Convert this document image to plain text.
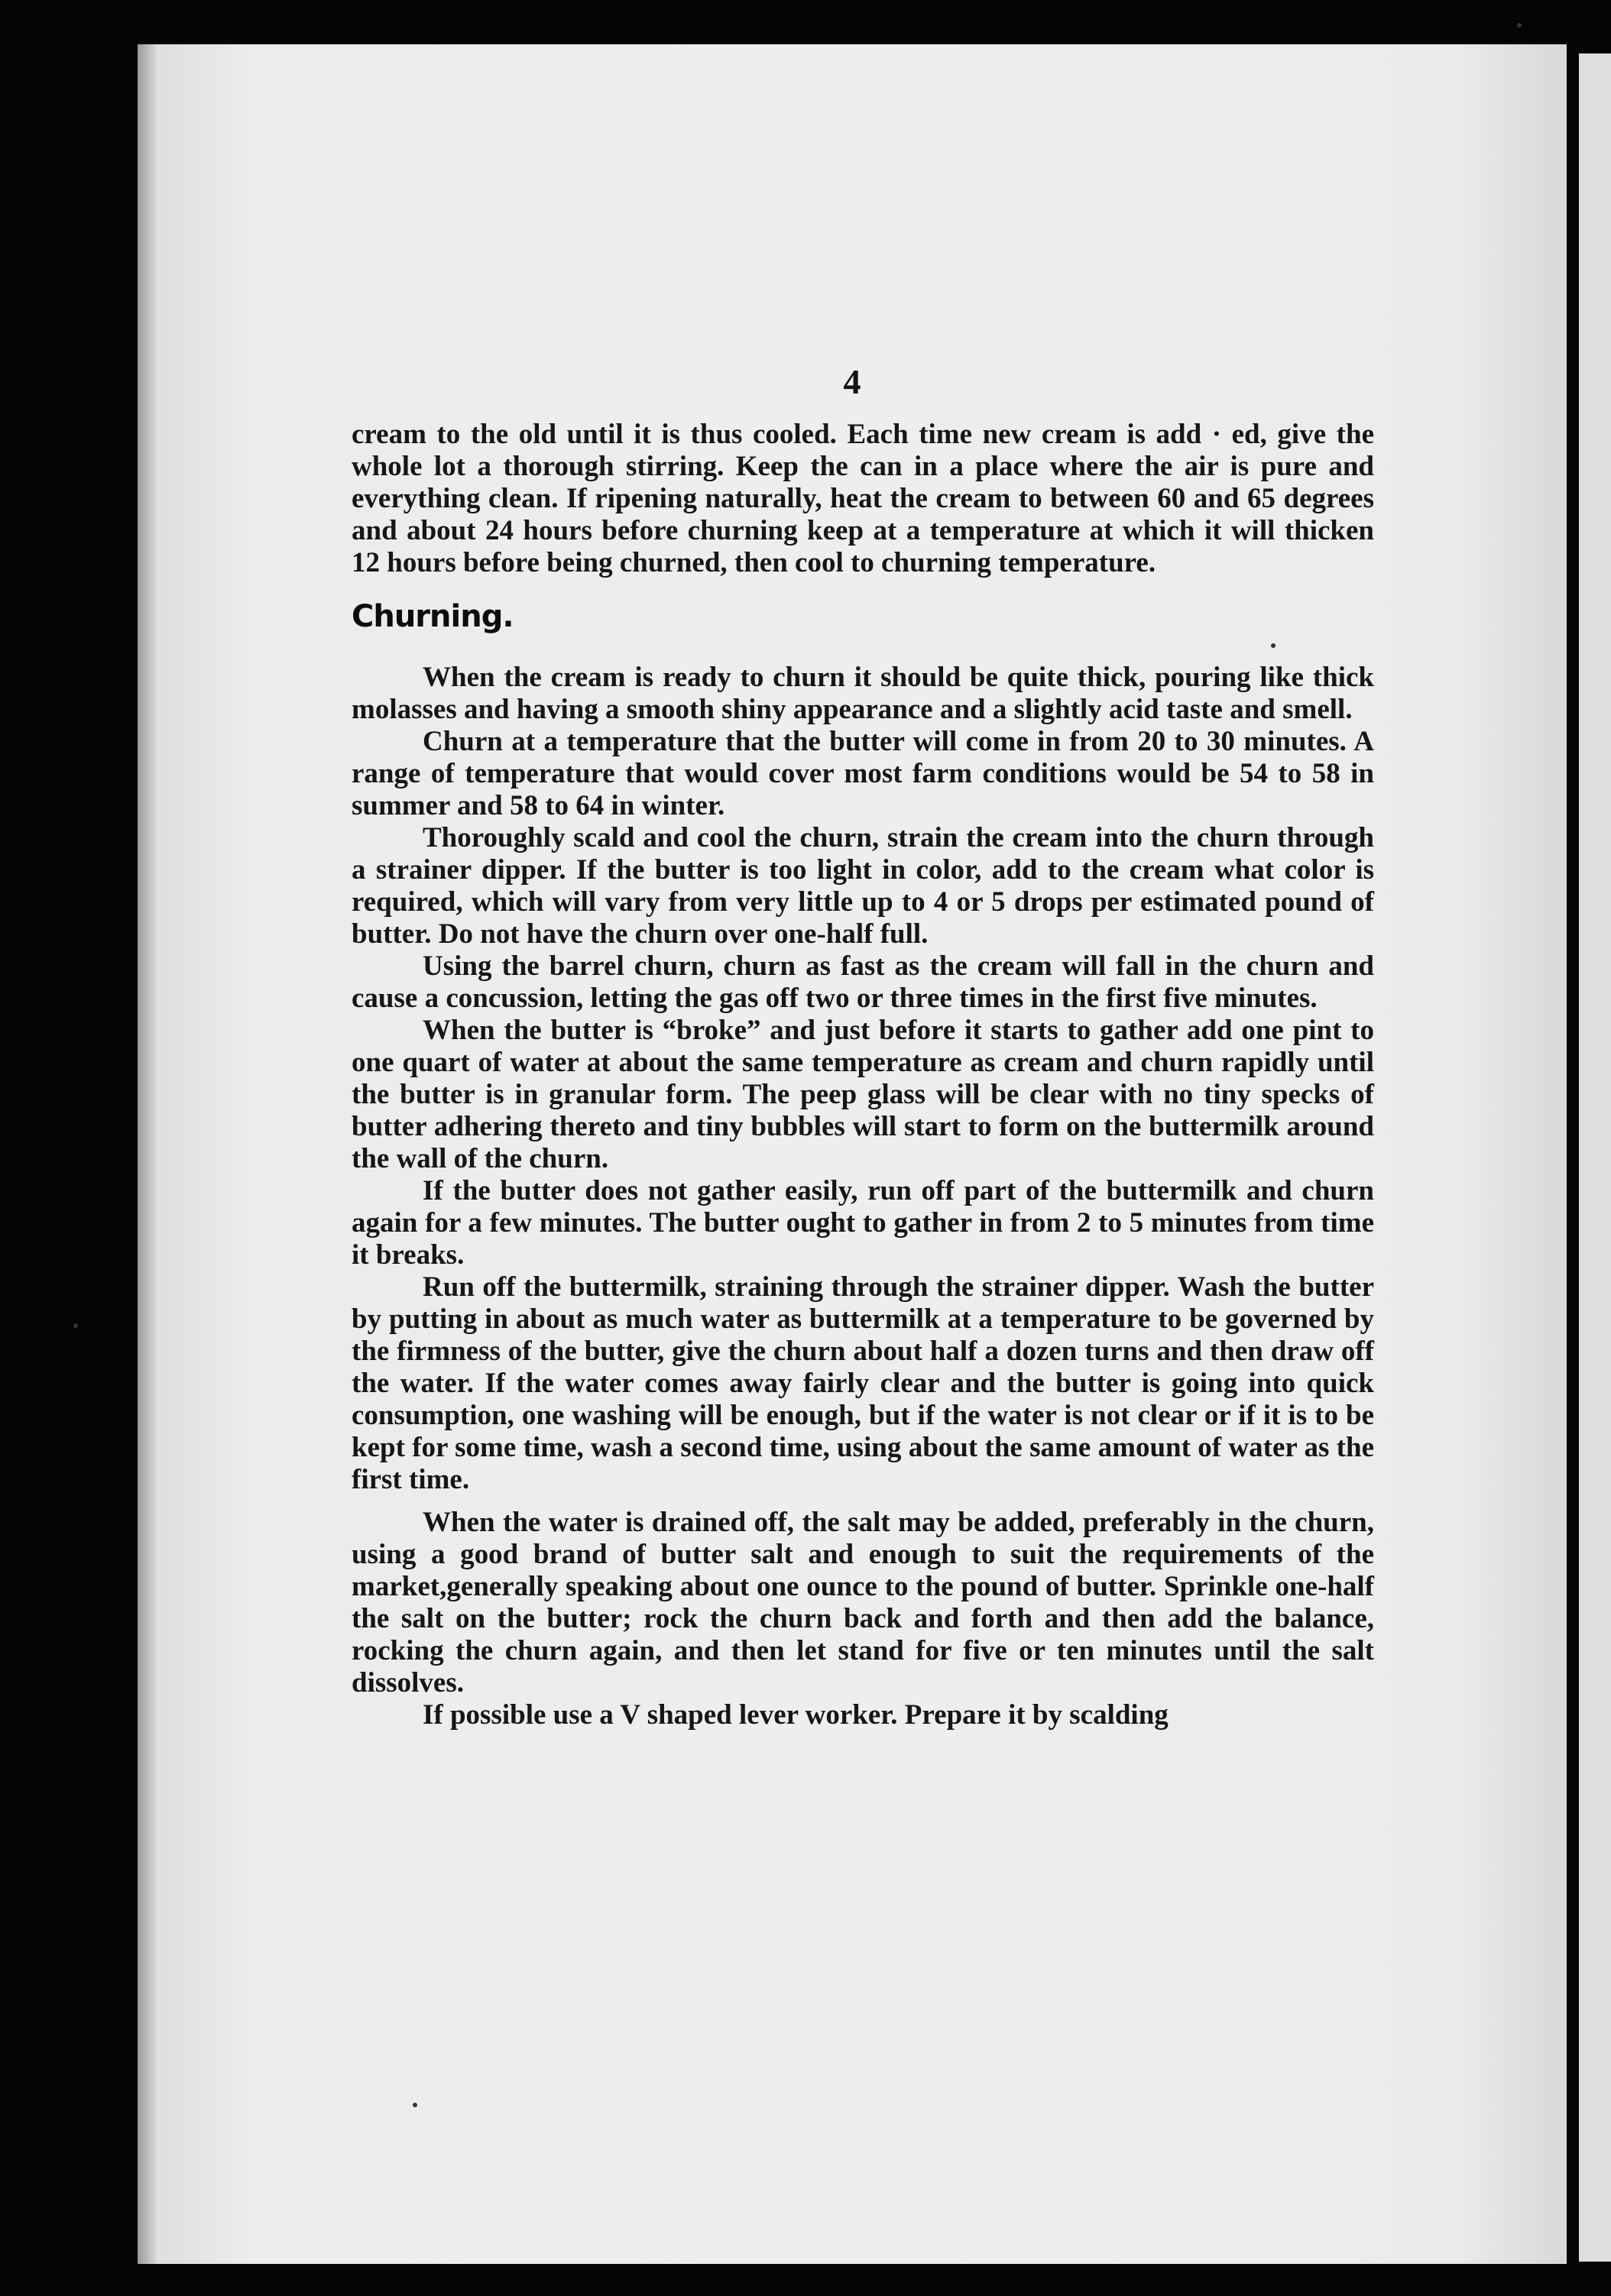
4

cream to the old until it is thus cooled. Each time new cream is add · ed, give the whole lot a thorough stirring. Keep the can in a place where the air is pure and everything clean. If ripening naturally, heat the cream to between 60 and 65 degrees and about 24 hours before churning keep at a temperature at which it will thicken 12 hours before being churned, then cool to churning temperature.

Churning.

When the cream is ready to churn it should be quite thick, pouring like thick molasses and having a smooth shiny appearance and a slightly acid taste and smell.

Churn at a temperature that the butter will come in from 20 to 30 minutes. A range of temperature that would cover most farm conditions would be 54 to 58 in summer and 58 to 64 in winter.

Thoroughly scald and cool the churn, strain the cream into the churn through a strainer dipper. If the butter is too light in color, add to the cream what color is required, which will vary from very little up to 4 or 5 drops per estimated pound of butter. Do not have the churn over one-half full.

Using the barrel churn, churn as fast as the cream will fall in the churn and cause a concussion, letting the gas off two or three times in the first five minutes.

When the butter is “broke” and just before it starts to gather add one pint to one quart of water at about the same temperature as cream and churn rapidly until the butter is in granular form. The peep glass will be clear with no tiny specks of butter adhering thereto and tiny bubbles will start to form on the buttermilk around the wall of the churn.

If the butter does not gather easily, run off part of the buttermilk and churn again for a few minutes. The butter ought to gather in from 2 to 5 minutes from time it breaks.

Run off the buttermilk, straining through the strainer dipper. Wash the butter by putting in about as much water as buttermilk at a temperature to be governed by the firmness of the butter, give the churn about half a dozen turns and then draw off the water. If the water comes away fairly clear and the butter is going into quick consumption, one washing will be enough, but if the water is not clear or if it is to be kept for some time, wash a second time, using about the same amount of water as the first time.

When the water is drained off, the salt may be added, preferably in the churn, using a good brand of butter salt and enough to suit the requirements of the market,generally speaking about one ounce to the pound of butter. Sprinkle one-half the salt on the butter; rock the churn back and forth and then add the balance, rocking the churn again, and then let stand for five or ten minutes until the salt dissolves.

If possible use a V shaped lever worker. Prepare it by scalding
